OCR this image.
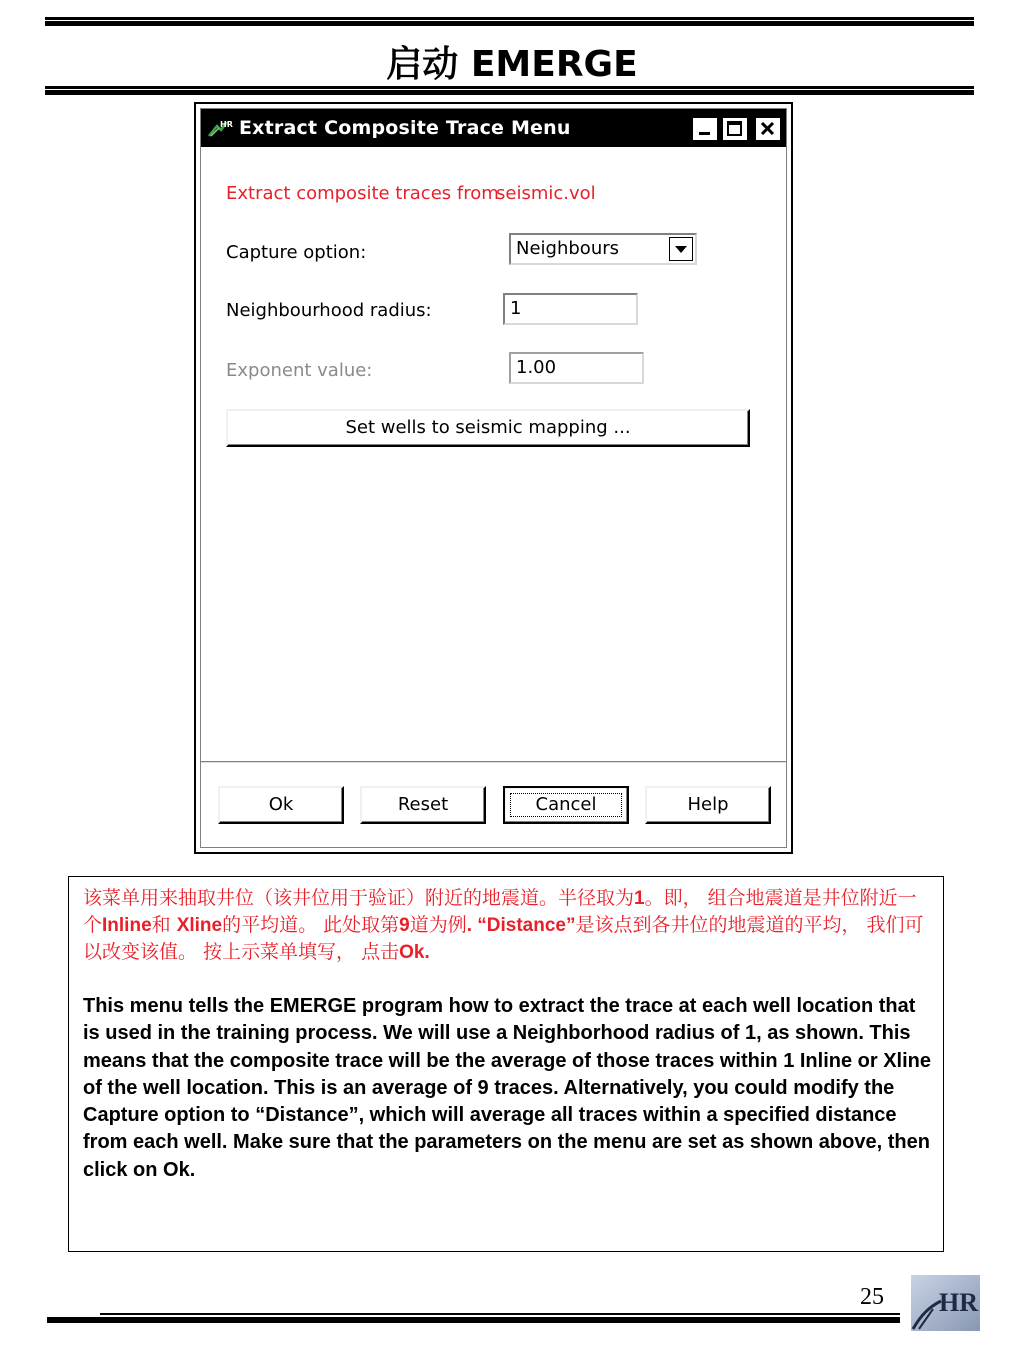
启动 EMERGE
HR Extract Composite Trace Menu
Extract composite traces from
seismic.vol
Capture option:	Neighbours
Neighbourhood radius:	1
Exponent value:	1.00
Set wells to seismic mapping ...
Ok	Reset	Cancel	Help
该菜单用来抽取井位（该井位用于验证）附近的地震道。半径取为1。即， 组合地震道是井位附近一个Inline和 Xline的平均道。 此处取第9道为例. “Distance”是该点到各井位的地震道的平均， 我们可以改变该值。 按上示菜单填写， 点击Ok.
This menu tells the EMERGE program how to extract the trace at each well location that is used in the training process. We will use a Neighborhood radius of 1, as shown. This means that the composite trace will be the average of those traces within 1 Inline or Xline of the well location. This is an average of 9 traces. Alternatively, you could modify the Capture option to “Distance”, which will average all traces within a specified distance from each well. Make sure that the parameters on the menu are set as shown above, then click on Ok.
25 HR
